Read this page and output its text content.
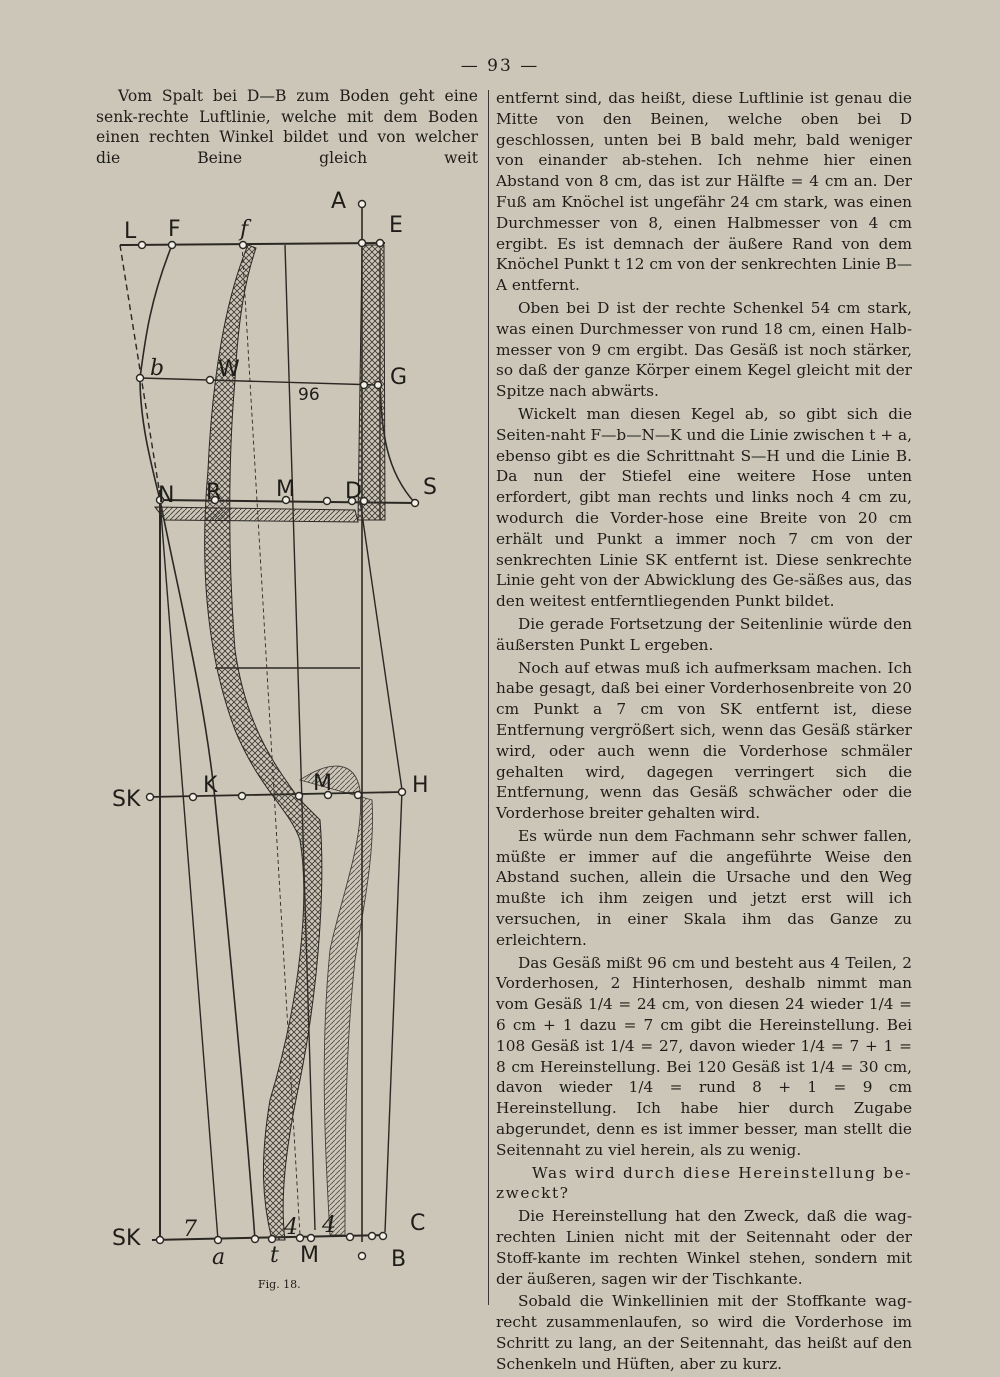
— 93 —

Vom Spalt bei D—B zum Boden geht eine senk-rechte Luftlinie, welche mit dem Boden einen rechten Winkel bildet und von welcher die Beine gleich weit

entfernt sind, das heißt, diese Luftlinie ist genau die Mitte von den Beinen, welche oben bei D geschlossen, unten bei B bald mehr, bald weniger von einander ab-stehen. Ich nehme hier einen Abstand von 8 cm, das ist zur Hälfte = 4 cm an. Der Fuß am Knöchel ist ungefähr 24 cm stark, was einen Durchmesser von 8, einen Halbmesser von 4 cm ergibt. Es ist demnach der äußere Rand von dem Knöchel Punkt t 12 cm von der senkrechten Linie B—A entfernt.

Oben bei D ist der rechte Schenkel 54 cm stark, was einen Durchmesser von rund 18 cm, einen Halb-messer von 9 cm ergibt. Das Gesäß ist noch stärker, so daß der ganze Körper einem Kegel gleicht mit der Spitze nach abwärts.

Wickelt man diesen Kegel ab, so gibt sich die Seiten-naht F—b—N—K und die Linie zwischen t + a, ebenso gibt es die Schrittnaht S—H und die Linie B. Da nun der Stiefel eine weitere Hose unten erfordert, gibt man rechts und links noch 4 cm zu, wodurch die Vorder-hose eine Breite von 20 cm erhält und Punkt a immer noch 7 cm von der senkrechten Linie SK entfernt ist. Diese senkrechte Linie geht von der Abwicklung des Ge-säßes aus, das den weitest entferntliegenden Punkt bildet.

Die gerade Fortsetzung der Seitenlinie würde den äußersten Punkt L ergeben.

Noch auf etwas muß ich aufmerksam machen. Ich habe gesagt, daß bei einer Vorderhosenbreite von 20 cm Punkt a 7 cm von SK entfernt ist, diese Entfernung vergrößert sich, wenn das Gesäß stärker wird, oder auch wenn die Vorderhose schmäler gehalten wird, dagegen verringert sich die Entfernung, wenn das Gesäß schwächer oder die Vorderhose breiter gehalten wird.

Es würde nun dem Fachmann sehr schwer fallen, müßte er immer auf die angeführte Weise den Abstand suchen, allein die Ursache und den Weg mußte ich ihm zeigen und jetzt erst will ich versuchen, in einer Skala ihm das Ganze zu erleichtern.

Das Gesäß mißt 96 cm und besteht aus 4 Teilen, 2 Vorderhosen, 2 Hinterhosen, deshalb nimmt man vom Gesäß 1/4 = 24 cm, von diesen 24 wieder 1/4 = 6 cm + 1 dazu = 7 cm gibt die Hereinstellung. Bei 108 Gesäß ist 1/4 = 27, davon wieder 1/4 = 7 + 1 = 8 cm Hereinstellung. Bei 120 Gesäß ist 1/4 = 30 cm, davon wieder 1/4 = rund 8 + 1 = 9 cm Hereinstellung. Ich habe hier durch Zugabe abgerundet, denn es ist immer besser, man stellt die Seitennaht zu viel herein, als zu wenig.

Was wird durch diese Hereinstellung be-zweckt?

Die Hereinstellung hat den Zweck, daß die wag-rechten Linien nicht mit der Seitennaht oder der Stoff-kante im rechten Winkel stehen, sondern mit der äußeren, sagen wir der Tischkante.

Sobald die Winkellinien mit der Stoffkante wag-recht zusammenlaufen, so wird die Vorderhose im Schritt zu lang, an der Seitennaht, das heißt auf den Schenkeln und Hüften, aber zu kurz.

A
E
L F	f
b W	G
96
N R M D	S
SK
K	M	H
SK 7	4 4	C
a t M	B
Fig. 18.
